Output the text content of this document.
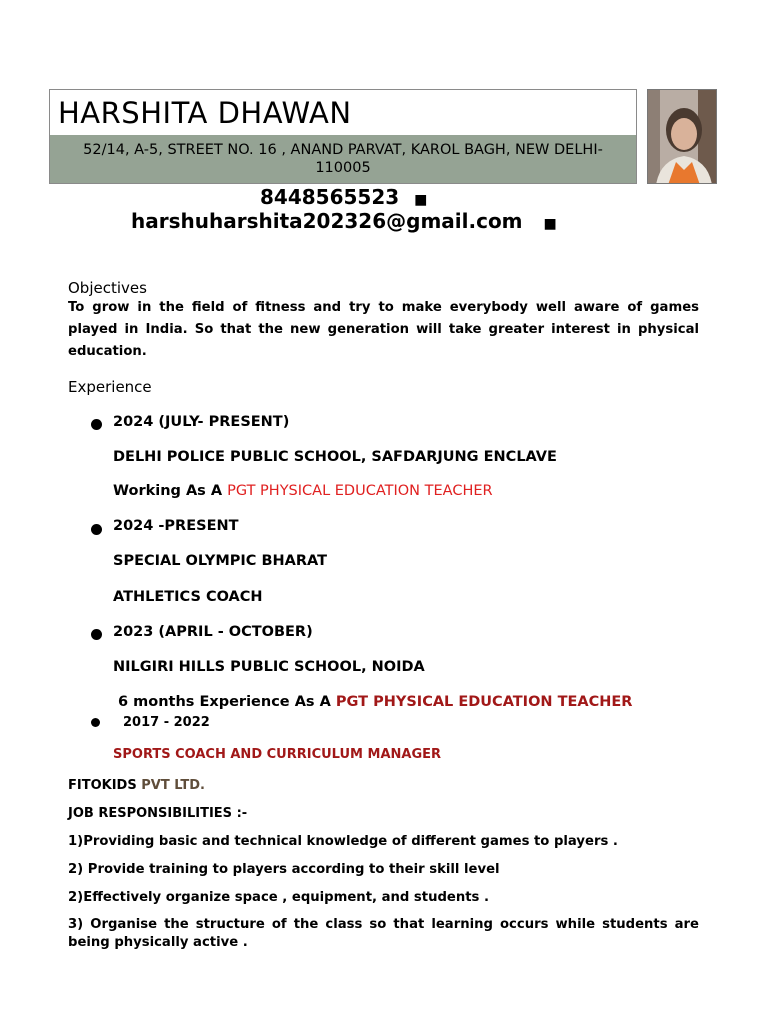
HARSHITA DHAWAN
52/14, A-5, STREET NO. 16 , ANAND PARVAT, KAROL BAGH, NEW DELHI-
110005
8448565523 ■
harshuharshita202326@gmail.com ■
Objectives
To grow in the field of fitness and try to make everybody well aware of games played in India. So that the new generation will take greater interest in physical education.
Experience
2024 (JULY- PRESENT)
DELHI POLICE PUBLIC SCHOOL, SAFDARJUNG ENCLAVE
Working As A PGT PHYSICAL EDUCATION TEACHER
2024 -PRESENT
SPECIAL OLYMPIC BHARAT
ATHLETICS COACH
2023 (APRIL - OCTOBER)
NILGIRI HILLS PUBLIC SCHOOL, NOIDA
6 months Experience As A PGT PHYSICAL EDUCATION TEACHER
2017 - 2022
SPORTS COACH AND CURRICULUM MANAGER
FITOKIDS PVT LTD.
JOB RESPONSIBILITIES :-
1)Providing basic and technical knowledge of different games to players .
2) Provide training to players according to their skill level
2)Effectively organize space , equipment, and students .
3) Organise the structure of the class so that learning occurs while students are being physically active .
